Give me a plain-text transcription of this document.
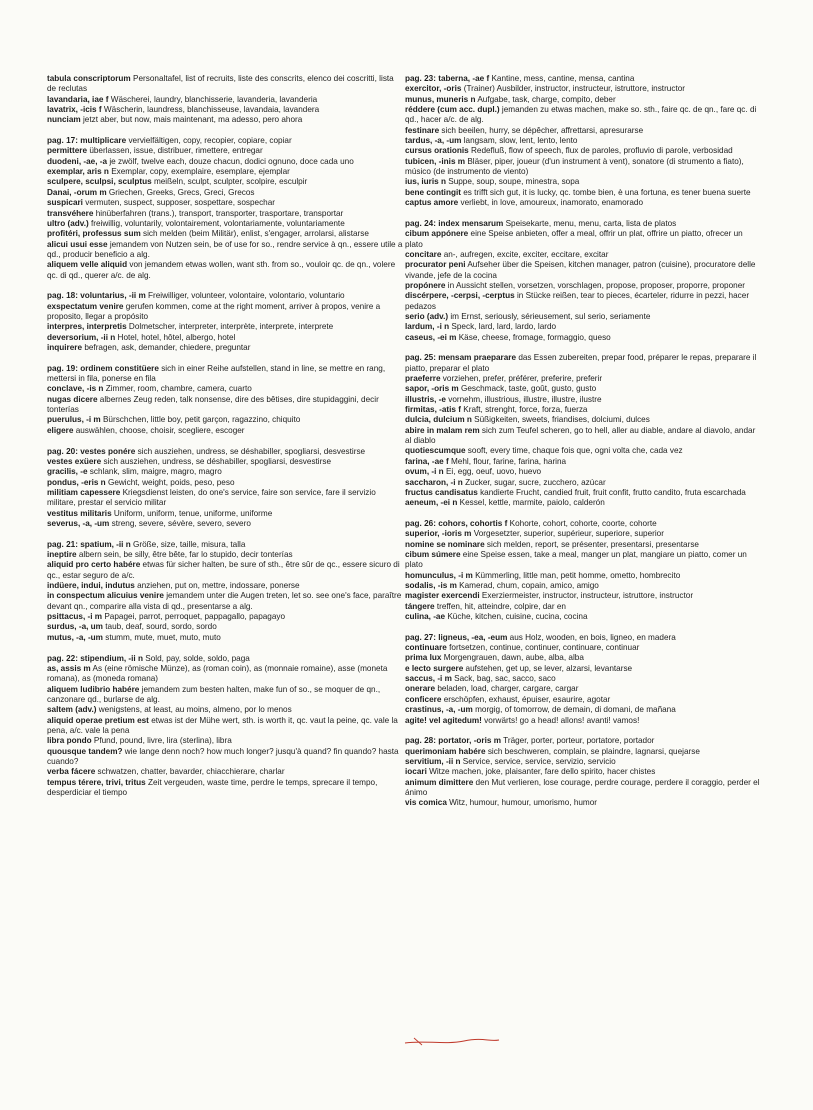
tabula conscriptorum Personaltafel, list of recruits, liste des conscrits, elenco dei coscritti, lista de reclutas
lavandaria, iae f Wäscherei, laundry, blanchisserie, lavanderia, lavanderia
lavatrix, -icis f Wäscherin, laundress, blanchisseuse, lavandaia, lavandera
nunciam jetzt aber, but now, mais maintenant, ma adesso, pero ahora
pag. 17: multiplicare vervielfältigen, copy, recopier, copiare, copiar
permittere überlassen, issue, distribuer, rimettere, entregar
duodeni, -ae, -a je zwölf, twelve each, douze chacun, dodici ognuno, doce cada uno
exemplar, aris n Exemplar, copy, exemplaire, esemplare, ejemplar
sculpere, sculpsi, sculptus meißeln, sculpt, sculpter, scolpire, esculpir
Danai, -orum m Griechen, Greeks, Grecs, Greci, Grecos
suspicari vermuten, suspect, supposer, sospettare, sospechar
transvéhere hinüberfahren (trans.), transport, transporter, trasportare, transportar
ultro (adv.) freiwillig, voluntarily, volontairement, volontariamente, voluntariamente
profitéri, professus sum sich melden (beim Militär), enlist, s'engager, arrolarsi, alistarse
alicui usui esse jemandem von Nutzen sein, be of use for so., rendre service à qn., essere utile a qd., producir beneficio a alg.
aliquem velle aliquid von jemandem etwas wollen, want sth. from so., vouloir qc. de qn., volere qc. di qd., querer a/c. de alg.
pag. 18: voluntarius, -ii m Freiwilliger, volunteer, volontaire, volontario, voluntario
exspectatum venire gerufen kommen, come at the right moment, arriver à propos, venire a proposito, llegar a propósito
interpres, interpretis Dolmetscher, interpreter, interprète, interprete, interprete
deversorium, -ii n Hotel, hotel, hôtel, albergo, hotel
inquirere befragen, ask, demander, chiedere, preguntar
pag. 19: ordinem constitüere sich in einer Reihe aufstellen, stand in line, se mettre en rang, mettersi in fila, ponerse en fila
conclave, -is n Zimmer, room, chambre, camera, cuarto
nugas dicere albernes Zeug reden, talk nonsense, dire des bêtises, dire stupidaggini, decir tonterías
puerulus, -i m Bürschchen, little boy, petit garçon, ragazzino, chiquito
eligere auswählen, choose, choisir, scegliere, escoger
pag. 20: vestes ponére sich ausziehen, undress, se déshabiller, spogliarsi, desvestirse
vestes exüere sich ausziehen, undress, se déshabiller, spogliarsi, desvestirse
gracilis, -e schlank, slim, maigre, magro, magro
pondus, -eris n Gewicht, weight, poids, peso, peso
militiam capessere Kriegsdienst leisten, do one's service, faire son service, fare il servizio militare, prestar el servicio militar
vestitus militaris Uniform, uniform, tenue, uniforme, uniforme
severus, -a, -um streng, severe, sévère, severo, severo
pag. 21: spatium, -ii n Größe, size, taille, misura, talla
ineptire albern sein, be silly, être bête, far lo stupido, decir tonterías
aliquid pro certo habére etwas für sicher halten, be sure of sth., être sûr de qc., essere sicuro di qc., estar seguro de a/c.
indüere, indui, indutus anziehen, put on, mettre, indossare, ponerse
in conspectum alicuius venire jemandem unter die Augen treten, let so. see one's face, paraître devant qn., comparire alla vista di qd., presentarse a alg.
psittacus, -i m Papagei, parrot, perroquet, pappagallo, papagayo
surdus, -a, um taub, deaf, sourd, sordo, sordo
mutus, -a, -um stumm, mute, muet, muto, muto
pag. 22: stipendium, -ii n Sold, pay, solde, soldo, paga
as, assis m As (eine römische Münze), as (roman coin), as (monnaie romaine), asse (moneta romana), as (moneda romana)
aliquem ludibrio habére jemandem zum besten halten, make fun of so., se moquer de qn., canzonare qd., burlarse de alg.
saltem (adv.) wenigstens, at least, au moins, almeno, por lo menos
aliquid operae pretium est etwas ist der Mühe wert, sth. is worth it, qc. vaut la peine, qc. vale la pena, a/c. vale la pena
libra pondo Pfund, pound, livre, lira (sterlina), libra
quousque tandem? wie lange denn noch? how much longer? jusqu'à quand? fin quando? hasta cuando?
verba fácere schwatzen, chatter, bavarder, chiacchierare, charlar
tempus térere, trivi, tritus Zeit vergeuden, waste time, perdre le temps, sprecare il tempo, desperdiciar el tiempo
pag. 23: taberna, -ae f Kantine, mess, cantine, mensa, cantina
exercitor, -oris (Trainer) Ausbilder, instructor, instructeur, istruttore, instructor
munus, muneris n Aufgabe, task, charge, compito, deber
réddere (cum acc. dupl.) jemanden zu etwas machen, make so. sth., faire qc. de qn., fare qc. di qd., hacer a/c. de alg.
festinare sich beeilen, hurry, se dépêcher, affrettarsi, apresurarse
tardus, -a, -um langsam, slow, lent, lento, lento
cursus orationis Redefluß, flow of speech, flux de paroles, profluvio di parole, verbosidad
tubicen, -inis m Bläser, piper, joueur (d'un instrument à vent), sonatore (di strumento a fiato), músico (de instrumento de viento)
ius, iuris n Suppe, soup, soupe, minestra, sopa
bene contingit es trifft sich gut, it is lucky, qc. tombe bien, è una fortuna, es tener buena suerte
captus amore verliebt, in love, amoureux, inamorato, enamorado
pag. 24: index mensarum Speisekarte, menu, menu, carta, lista de platos
cibum appónere eine Speise anbieten, offer a meal, offrir un plat, offrire un piatto, ofrecer un plato
concitare an-, aufregen, excite, exciter, eccitare, excitar
procurator peni Aufseher über die Speisen, kitchen manager, patron (cuisine), procuratore delle vivande, jefe de la cocina
propónere in Aussicht stellen, vorsetzen, vorschlagen, propose, proposer, proporre, proponer
discérpere, -cerpsi, -cerptus in Stücke reißen, tear to pieces, écarteler, ridurre in pezzi, hacer pedazos
serio (adv.) im Ernst, seriously, sérieusement, sul serio, seriamente
lardum, -i n Speck, lard, lard, lardo, lardo
caseus, -ei m Käse, cheese, fromage, formaggio, queso
pag. 25: mensam praeparare das Essen zubereiten, prepar food, préparer le repas, preparare il piatto, preparar el plato
praeferre vorziehen, prefer, préférer, preferire, preferir
sapor, -oris m Geschmack, taste, goût, gusto, gusto
illustris, -e vornehm, illustrious, illustre, illustre, ilustre
firmitas, -atis f Kraft, strenght, force, forza, fuerza
dulcia, dulcium n Süßigkeiten, sweets, friandises, dolciumi, dulces
abire in malam rem sich zum Teufel scheren, go to hell, aller au diable, andare al diavolo, andar al diablo
quotiescumque sooft, every time, chaque fois que, ogni volta che, cada vez
farina, -ae f Mehl, flour, farine, farina, harina
ovum, -i n Ei, egg, oeuf, uovo, huevo
saccharon, -i n Zucker, sugar, sucre, zucchero, azúcar
fructus candisatus kandierte Frucht, candied fruit, fruit confit, frutto candito, fruta escarchada
aeneum, -ei n Kessel, kettle, marmite, paiolo, calderón
pag. 26: cohors, cohortis f Kohorte, cohort, cohorte, coorte, cohorte
superior, -ioris m Vorgesetzter, superior, supérieur, superiore, superior
nomine se nominare sich melden, report, se présenter, presentarsi, presentarse
cibum súmere eine Speise essen, take a meal, manger un plat, mangiare un piatto, comer un plato
homunculus, -i m Kümmerling, little man, petit homme, ometto, hombrecito
sodalis, -is m Kamerad, chum, copain, amico, amigo
magister exercendi Exerziermeister, instructor, instructeur, istruttore, instructor
tángere treffen, hit, atteindre, colpire, dar en
culina, -ae Küche, kitchen, cuisine, cucina, cocina
pag. 27: ligneus, -ea, -eum aus Holz, wooden, en bois, ligneo, en madera
continuare fortsetzen, continue, continuer, continuare, continuar
prima lux Morgengrauen, dawn, aube, alba, alba
e lecto surgere aufstehen, get up, se lever, alzarsi, levantarse
saccus, -i m Sack, bag, sac, sacco, saco
onerare beladen, load, charger, cargare, cargar
conficere erschöpfen, exhaust, épuiser, esaurire, agotar
crastinus, -a, -um morgig, of tomorrow, de demain, di domani, de mañana
agite! vel agitedum! vorwärts! go a head! allons! avanti! vamos!
pag. 28: portator, -oris m Träger, porter, porteur, portatore, portador
querimoniam habére sich beschweren, complain, se plaindre, lagnarsi, quejarse
servitium, -ii n Service, service, service, servizio, servicio
iocari Witze machen, joke, plaisanter, fare dello spirito, hacer chistes
animum dimittere den Mut verlieren, lose courage, perdre courage, perdere il coraggio, perder el ánimo
vis comica Witz, humour, humour, umorismo, humor
